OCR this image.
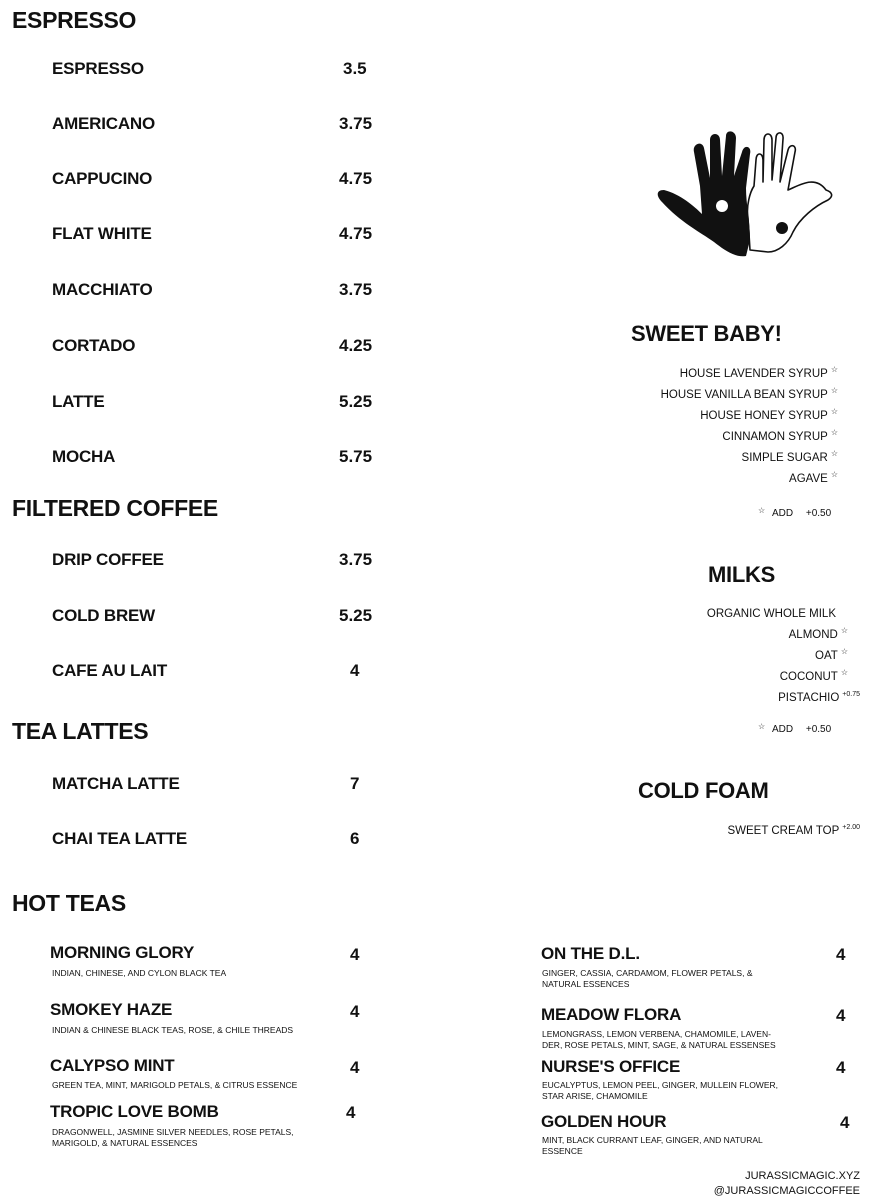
ESPRESSO
ESPRESSO	3.5
AMERICANO	3.75
CAPPUCINO	4.75
FLAT WHITE	4.75
MACCHIATO	3.75
CORTADO	4.25
LATTE	5.25
MOCHA	5.75
FILTERED COFFEE
DRIP COFFEE	3.75
COLD BREW	5.25
CAFE AU LAIT	4
TEA LATTES
MATCHA LATTE	7
CHAI TEA LATTE	6
HOT TEAS
MORNING GLORY	4
INDIAN, CHINESE, AND CYLON BLACK TEA
SMOKEY HAZE	4
INDIAN & CHINESE BLACK TEAS, ROSE, & CHILE THREADS
CALYPSO MINT	4
GREEN TEA, MINT, MARIGOLD PETALS, & CITRUS ESSENCE
TROPIC LOVE BOMB	4
DRAGONWELL, JASMINE SILVER NEEDLES, ROSE PETALS,
MARIGOLD, & NATURAL ESSENCES
ON THE D.L.	4
GINGER, CASSIA, CARDAMOM, FLOWER PETALS, &
NATURAL ESSENCES
MEADOW FLORA	4
LEMONGRASS, LEMON VERBENA, CHAMOMILE, LAVEN-
DER, ROSE PETALS, MINT, SAGE, & NATURAL ESSENSES
NURSE'S OFFICE	4
EUCALYPTUS, LEMON PEEL, GINGER, MULLEIN FLOWER,
STAR ARISE, CHAMOMILE
GOLDEN HOUR	4
MINT, BLACK CURRANT LEAF, GINGER, AND NATURAL
ESSENCE
SWEET BABY!
HOUSE LAVENDER SYRUP ☆
HOUSE VANILLA BEAN SYRUP ☆
HOUSE HONEY SYRUP ☆
CINNAMON SYRUP ☆
SIMPLE SUGAR ☆
AGAVE ☆
☆ ADD +0.50
MILKS
ORGANIC WHOLE MILK
ALMOND ☆
OAT ☆
COCONUT ☆
PISTACHIO $^{+0.75}$
☆ ADD +0.50
COLD FOAM
SWEET CREAM TOP $^{+2.00}$
JURASSICMAGIC.XYZ
@JURASSICMAGICCOFFEE
